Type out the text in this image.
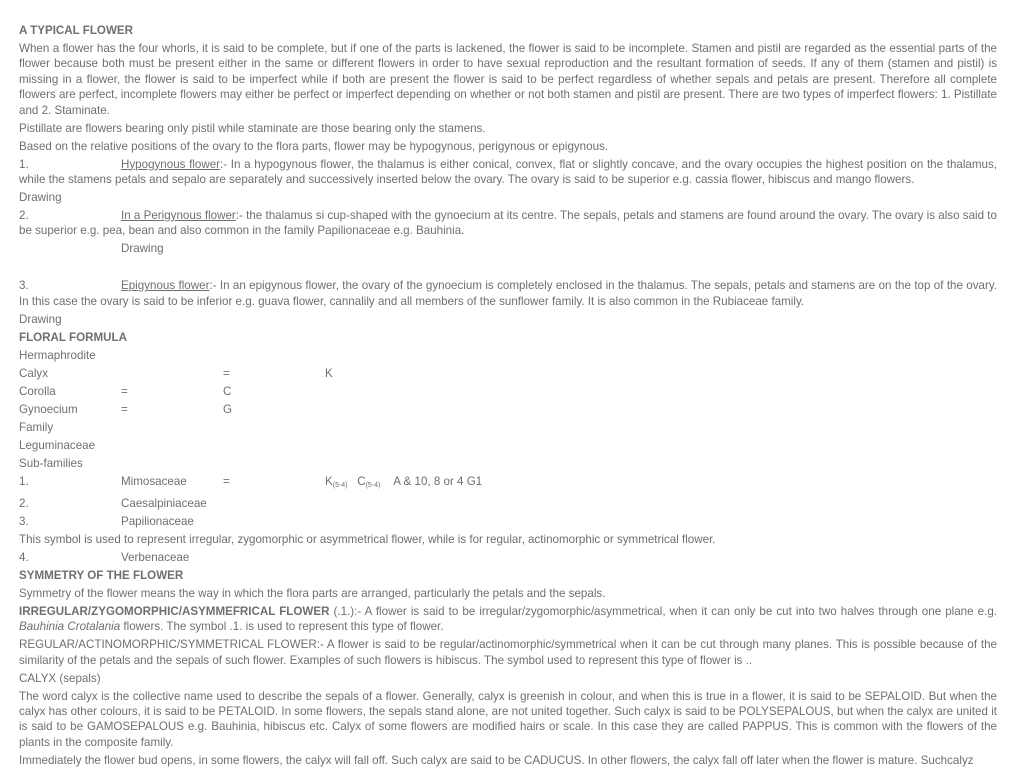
A TYPICAL FLOWER
When a flower has the four whorls, it is said to be complete, but if one of the parts is lackened, the flower is said to be incomplete. Stamen and pistil are regarded as the essential parts of the flower because both must be present either in the same or different flowers in order to have sexual reproduction and the resultant formation of seeds. If any of them (stamen and pistil) is missing in a flower, the flower is said to be imperfect while if both are present the flower is said to be perfect regardless of whether sepals and petals are present. Therefore all complete flowers are perfect, incomplete flowers may either be perfect or imperfect depending on whether or not both stamen and pistil are present. There are two types of imperfect flowers: 1. Pistillate and 2. Staminate.
Pistillate are flowers bearing only pistil while staminate are those bearing only the stamens.
Based on the relative positions of the ovary to the flora parts, flower may be hypogynous, perigynous or epigynous.
1.	Hypogynous flower:- In a hypogynous flower, the thalamus is either conical, convex, flat or slightly concave, and the ovary occupies the highest position on the thalamus, while the stamens petals and sepalo are separately and successively inserted below the ovary. The ovary is said to be superior e.g. cassia flower, hibiscus and mango flowers.
Drawing
2.	In a Perigynous flower:- the thalamus si cup-shaped with the gynoecium at its centre. The sepals, petals and stamens are found around the ovary. The ovary is also said to be superior e.g. pea, bean and also common in the family Papilionaceae e.g. Bauhinia.
Drawing
3.	Epigynous flower:- In an epigynous flower, the ovary of the gynoecium is completely enclosed in the thalamus. The sepals, petals and stamens are on the top of the ovary. In this case the ovary is said to be inferior e.g. guava flower, cannalily and all members of the sunflower family. It is also common in the Rubiaceae family.
Drawing
FLORAL FORMULA
Hermaphrodite
Calyx	=	K
Corolla	=	C
Gynoecium	=	G
Family
Leguminaceae
Sub-families
1.	Mimosaceae	=	$K_{(5-4)}$ $C_{(5-4)}$ A & 10, 8 or 4 G1
2.	Caesalpiniaceae
3.	Papilionaceae
This symbol is used to represent irregular, zygomorphic or asymmetrical flower, while is for regular, actinomorphic or symmetrical flower.
4.	Verbenaceae
SYMMETRY OF THE FLOWER
Symmetry of the flower means the way in which the flora parts are arranged, particularly the petals and the sepals.
IRREGULAR/ZYGOMORPHIC/ASYMMEFRICAL FLOWER (.1.):- A flower is said to be irregular/zygomorphic/asymmetrical, when it can only be cut into two halves through one plane e.g. Bauhinia Crotalania flowers. The symbol .1. is used to represent this type of flower.
REGULAR/ACTINOMORPHIC/SYMMETRICAL FLOWER:- A flower is said to be regular/actinomorphic/symmetrical when it can be cut through many planes. This is possible because of the similarity of the petals and the sepals of such flower. Examples of such flowers is hibiscus. The symbol used to represent this type of flower is ..
CALYX (sepals)
The word calyx is the collective name used to describe the sepals of a flower. Generally, calyx is greenish in colour, and when this is true in a flower, it is said to be SEPALOID. But when the calyx has other colours, it is said to be PETALOID. In some flowers, the sepals stand alone, are not united together. Such calyx is said to be POLYSEPALOUS, but when the calyx are united it is said to be GAMOSEPALOUS e.g. Bauhinia, hibiscus etc. Calyx of some flowers are modified hairs or scale. In this case they are called PAPPUS. This is common with the flowers of the plants in the composite family.
Immediately the flower bud opens, in some flowers, the calyx will fall off. Such calyx are said to be CADUCUS. In other flowers, the calyx fall off later when the flower is mature. Suchcalyz
